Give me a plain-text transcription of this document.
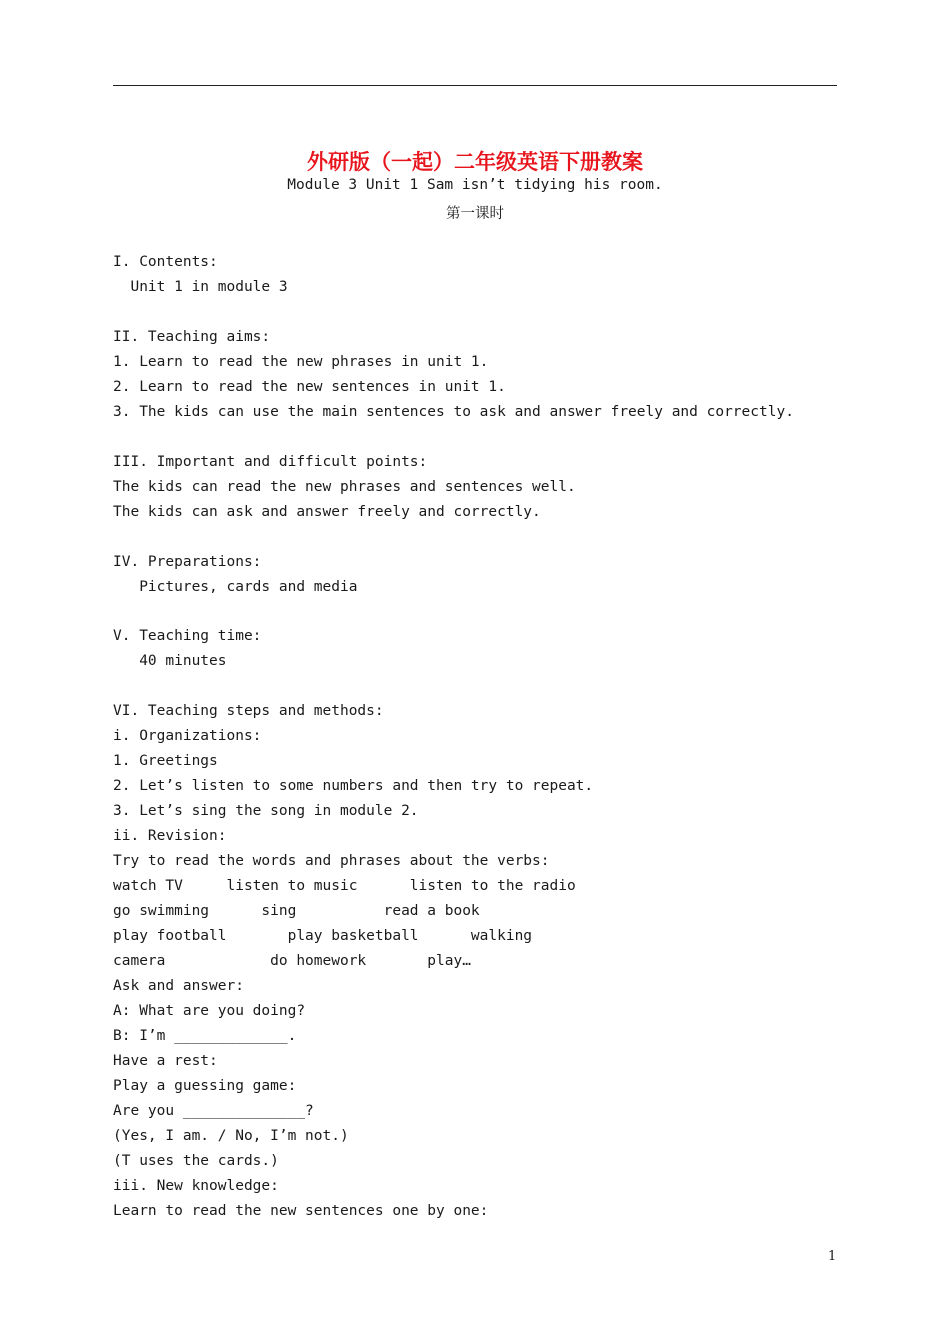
外研版（一起）二年级英语下册教案
Module 3 Unit 1 Sam isn’t tidying his room.
第一课时
I. Contents:
Unit 1 in module 3
II. Teaching aims:
1. Learn to read the new phrases in unit 1.
2. Learn to read the new sentences in unit 1.
3. The kids can use the main sentences to ask and answer freely and correctly.
III. Important and difficult points:
The kids can read the new phrases and sentences well.
The kids can ask and answer freely and correctly.
IV. Preparations:
Pictures, cards and media
V. Teaching time:
40 minutes
VI. Teaching steps and methods:
i. Organizations:
1. Greetings
2. Let’s listen to some numbers and then try to repeat.
3. Let’s sing the song in module 2.
ii. Revision:
Try to read the words and phrases about the verbs:
watch TV     listen to music      listen to the radio
go swimming      sing          read a book
play football       play basketball      walking
camera            do homework       play…
Ask and answer:
A: What are you doing?
B: I’m _____________.
Have a rest:
Play a guessing game:
Are you ______________?
(Yes, I am. / No, I’m not.)
(T uses the cards.)
iii. New knowledge:
Learn to read the new sentences one by one:
1
